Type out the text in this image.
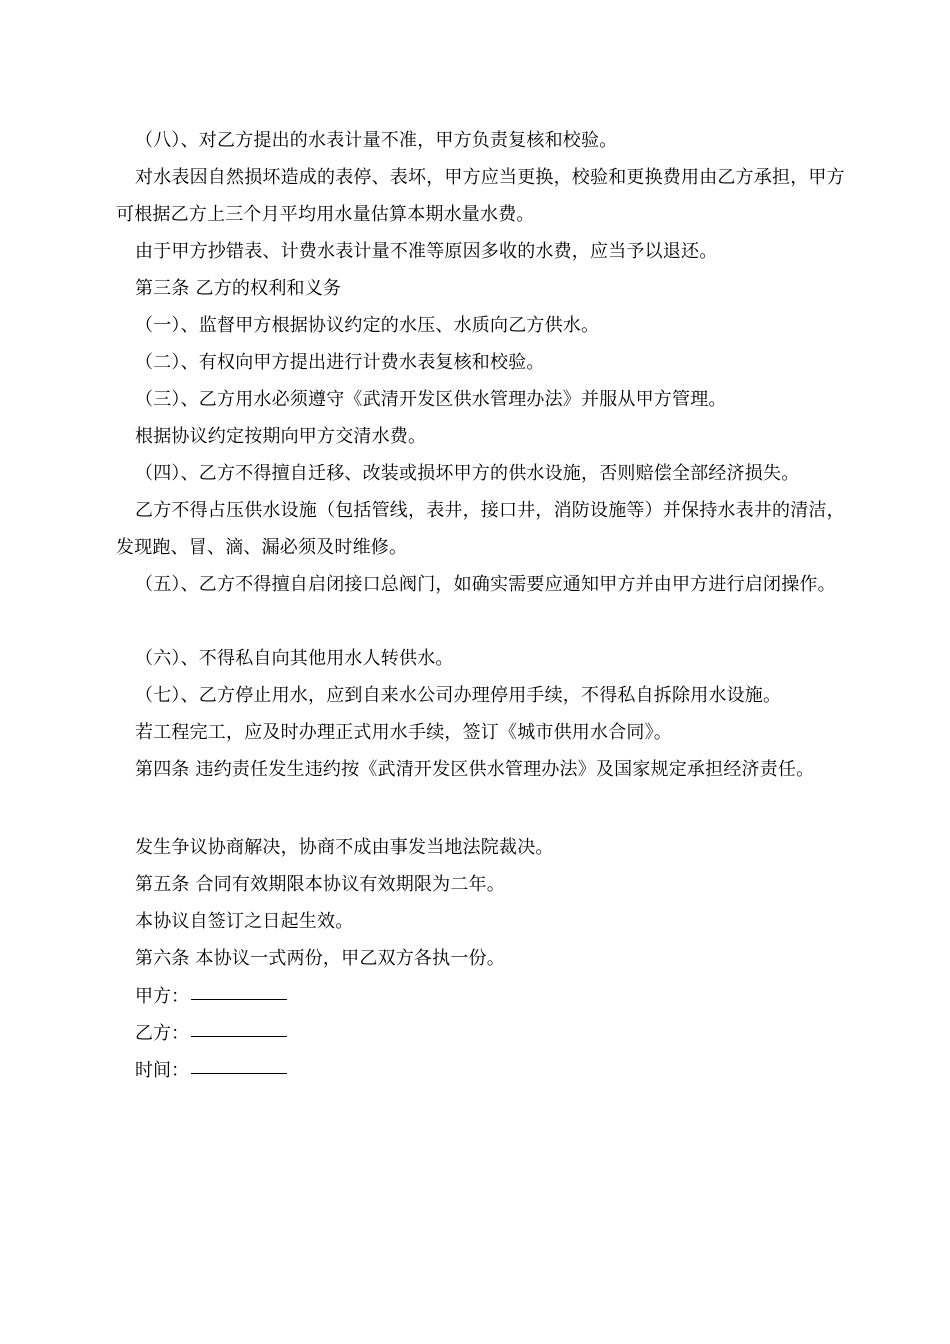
（八）、对乙方提出的水表计量不准，甲方负责复核和校验。
对水表因自然损坏造成的表停、表坏，甲方应当更换，校验和更换费用由乙方承担，甲方可根据乙方上三个月平均用水量估算本期水量水费。
由于甲方抄错表、计费水表计量不准等原因多收的水费，应当予以退还。
第三条 乙方的权利和义务
（一）、监督甲方根据协议约定的水压、水质向乙方供水。
（二）、有权向甲方提出进行计费水表复核和校验。
（三）、乙方用水必须遵守《武清开发区供水管理办法》并服从甲方管理。
根据协议约定按期向甲方交清水费。
（四）、乙方不得擅自迁移、改装或损坏甲方的供水设施，否则赔偿全部经济损失。
乙方不得占压供水设施（包括管线，表井，接口井，消防设施等）并保持水表井的清洁，发现跑、冒、滴、漏必须及时维修。
（五）、乙方不得擅自启闭接口总阀门，如确实需要应通知甲方并由甲方进行启闭操作。
（六）、不得私自向其他用水人转供水。
（七）、乙方停止用水，应到自来水公司办理停用手续，不得私自拆除用水设施。
若工程完工，应及时办理正式用水手续，签订《城市供用水合同》。
第四条 违约责任发生违约按《武清开发区供水管理办法》及国家规定承担经济责任。
发生争议协商解决，协商不成由事发当地法院裁决。
第五条 合同有效期限本协议有效期限为二年。
本协议自签订之日起生效。
第六条 本协议一式两份，甲乙双方各执一份。
甲方：
乙方：
时间：
